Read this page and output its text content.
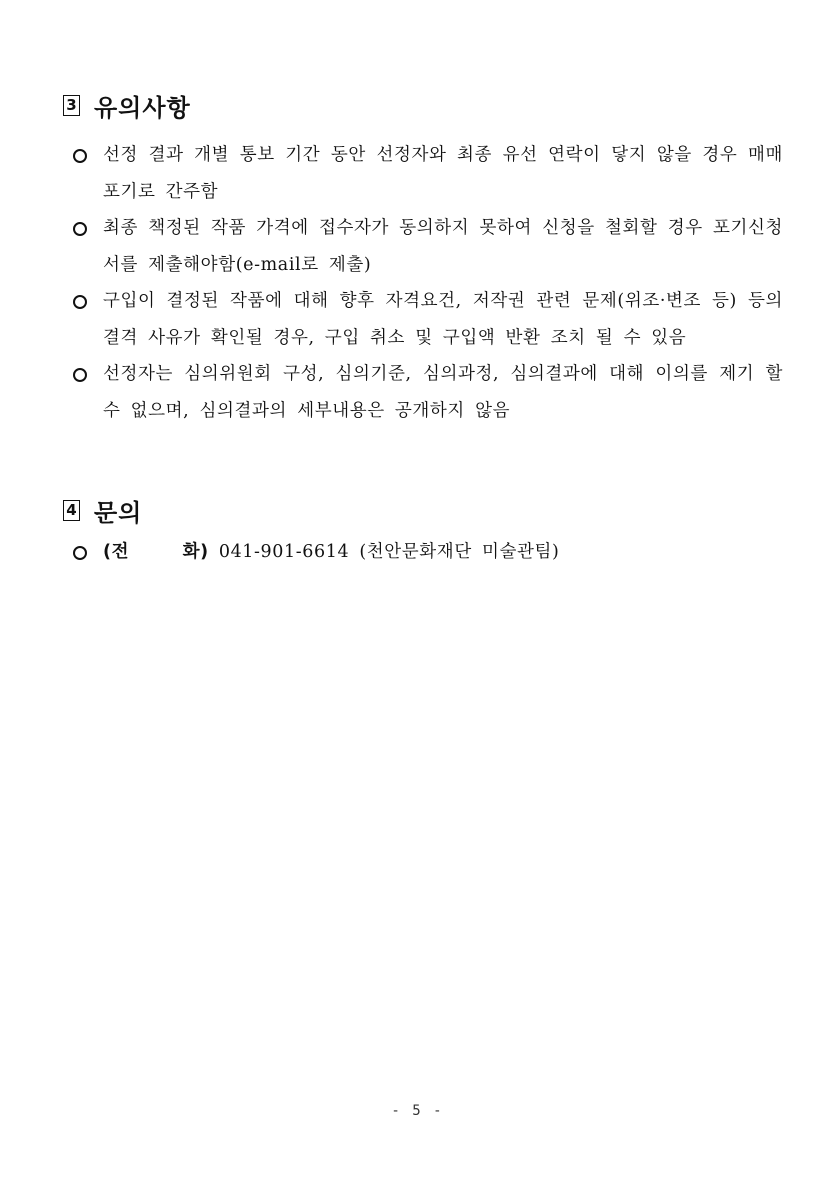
3 유의사항
선정 결과 개별 통보 기간 동안 선정자와 최종 유선 연락이 닿지 않을 경우 매매 포기로 간주함
최종 책정된 작품 가격에 접수자가 동의하지 못하여 신청을 철회할 경우 포기신청서를 제출해야함(e-mail로 제출)
구입이 결정된 작품에 대해 향후 자격요건, 저작권 관련 문제(위조·변조 등) 등의 결격 사유가 확인될 경우, 구입 취소 및 구입액 반환 조치 될 수 있음
선정자는 심의위원회 구성, 심의기준, 심의과정, 심의결과에 대해 이의를 제기 할 수 없으며, 심의결과의 세부내용은 공개하지 않음
4 문의
(전     화) 041-901-6614 (천안문화재단 미술관팀)
- 5 -
